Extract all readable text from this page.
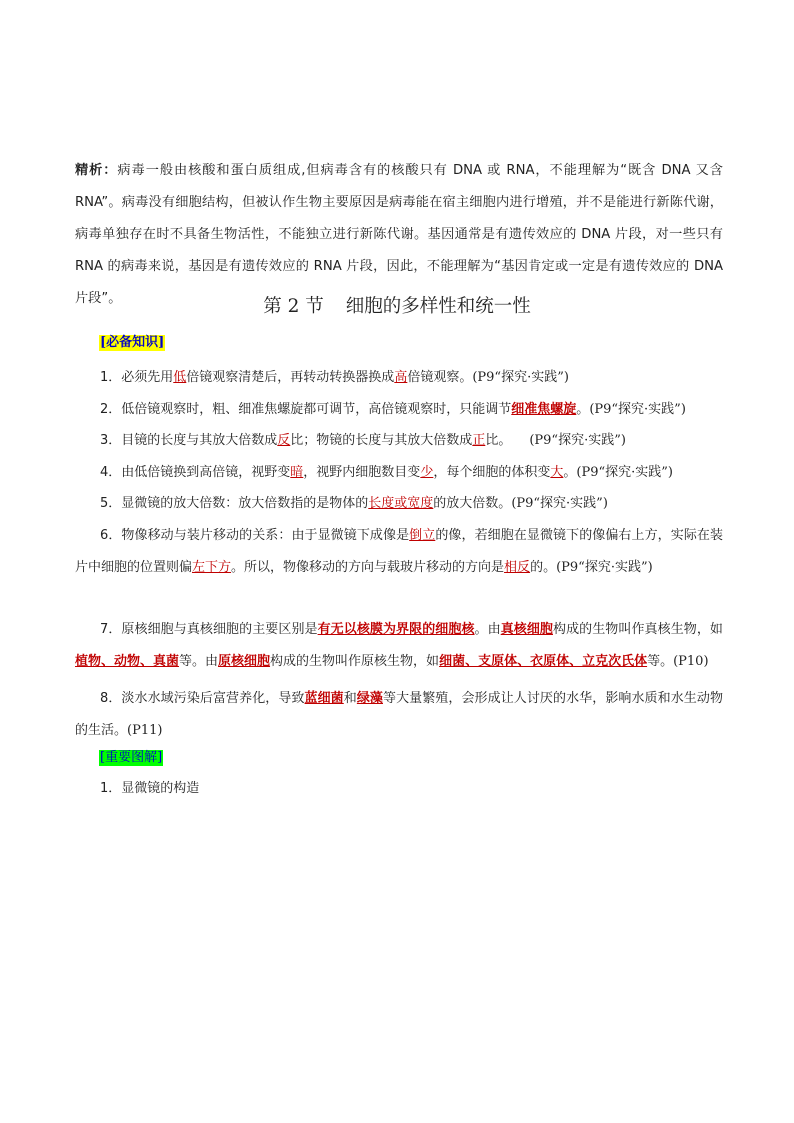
精析：病毒一般由核酸和蛋白质组成,但病毒含有的核酸只有 DNA 或 RNA，不能理解为“既含 DNA 又含 RNA”。病毒没有细胞结构，但被认作生物主要原因是病毒能在宿主细胞内进行增殖，并不是能进行新陈代谢，病毒单独存在时不具备生物活性，不能独立进行新陈代谢。基因通常是有遗传效应的 DNA 片段，对一些只有 RNA 的病毒来说，基因是有遗传效应的 RNA 片段，因此，不能理解为“基因肯定或一定是有遗传效应的 DNA 片段”。	第 2 节 细胞的多样性和统一性
[必备知识]
1．必须先用低倍镜观察清楚后，再转动转换器换成高倍镜观察。(P9“探究·实践”)
2．低倍镜观察时，粗、细准焦螺旋都可调节，高倍镜观察时，只能调节细准焦螺旋。(P9“探究·实践”)
3．目镜的长度与其放大倍数成反比；物镜的长度与其放大倍数成正比。 (P9“探究·实践”)
4．由低倍镜换到高倍镜，视野变暗，视野内细胞数目变少，每个细胞的体积变大。(P9“探究·实践”)
5．显微镜的放大倍数：放大倍数指的是物体的长度或宽度的放大倍数。(P9“探究·实践”)
6．物像移动与装片移动的关系：由于显微镜下成像是倒立的像，若细胞在显微镜下的像偏右上方，实际在装片中细胞的位置则偏左下方。所以，物像移动的方向与载玻片移动的方向是相反的。(P9“探究·实践”)
7．原核细胞与真核细胞的主要区别是有无以核膜为界限的细胞核。由真核细胞构成的生物叫作真核生物，如植物、动物、真菌等。由原核细胞构成的生物叫作原核生物，如细菌、支原体、衣原体、立克次氏体等。(P10)
8．淡水水域污染后富营养化，导致蓝细菌和绿藻等大量繁殖，会形成让人讨厌的水华，影响水质和水生动物的生活。(P11)
[重要图解]
1．显微镜的构造
